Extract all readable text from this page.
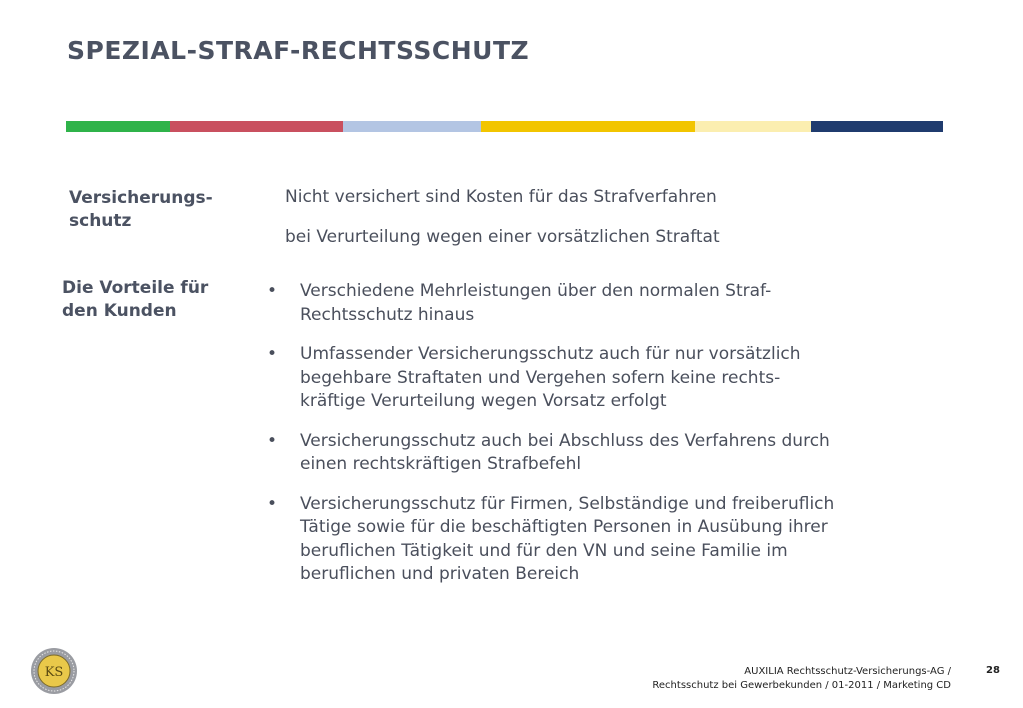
SPEZIAL-STRAF-RECHTSSCHUTZ

Versicherungs-
schutz

Nicht versichert sind Kosten für das Strafverfahren

bei Verurteilung wegen einer vorsätzlichen Straftat

Die Vorteile für
den Kunden

• Verschiedene Mehrleistungen über den normalen Straf-
Rechtsschutz hinaus
• Umfassender Versicherungsschutz auch für nur vorsätzlich
begehbare Straftaten und Vergehen sofern keine rechts-
kräftige Verurteilung wegen Vorsatz erfolgt
• Versicherungsschutz auch bei Abschluss des Verfahrens durch
einen rechtskräftigen Strafbefehl
• Versicherungsschutz für Firmen, Selbständige und freiberuflich
Tätige sowie für die beschäftigten Personen in Ausübung ihrer
beruflichen Tätigkeit und für den VN und seine Familie im
beruflichen und privaten Bereich
KS	AUXILIA Rechtsschutz-Versicherungs-AG /
Rechtsschutz bei Gewerbekunden / 01-2011 / Marketing CD
28
